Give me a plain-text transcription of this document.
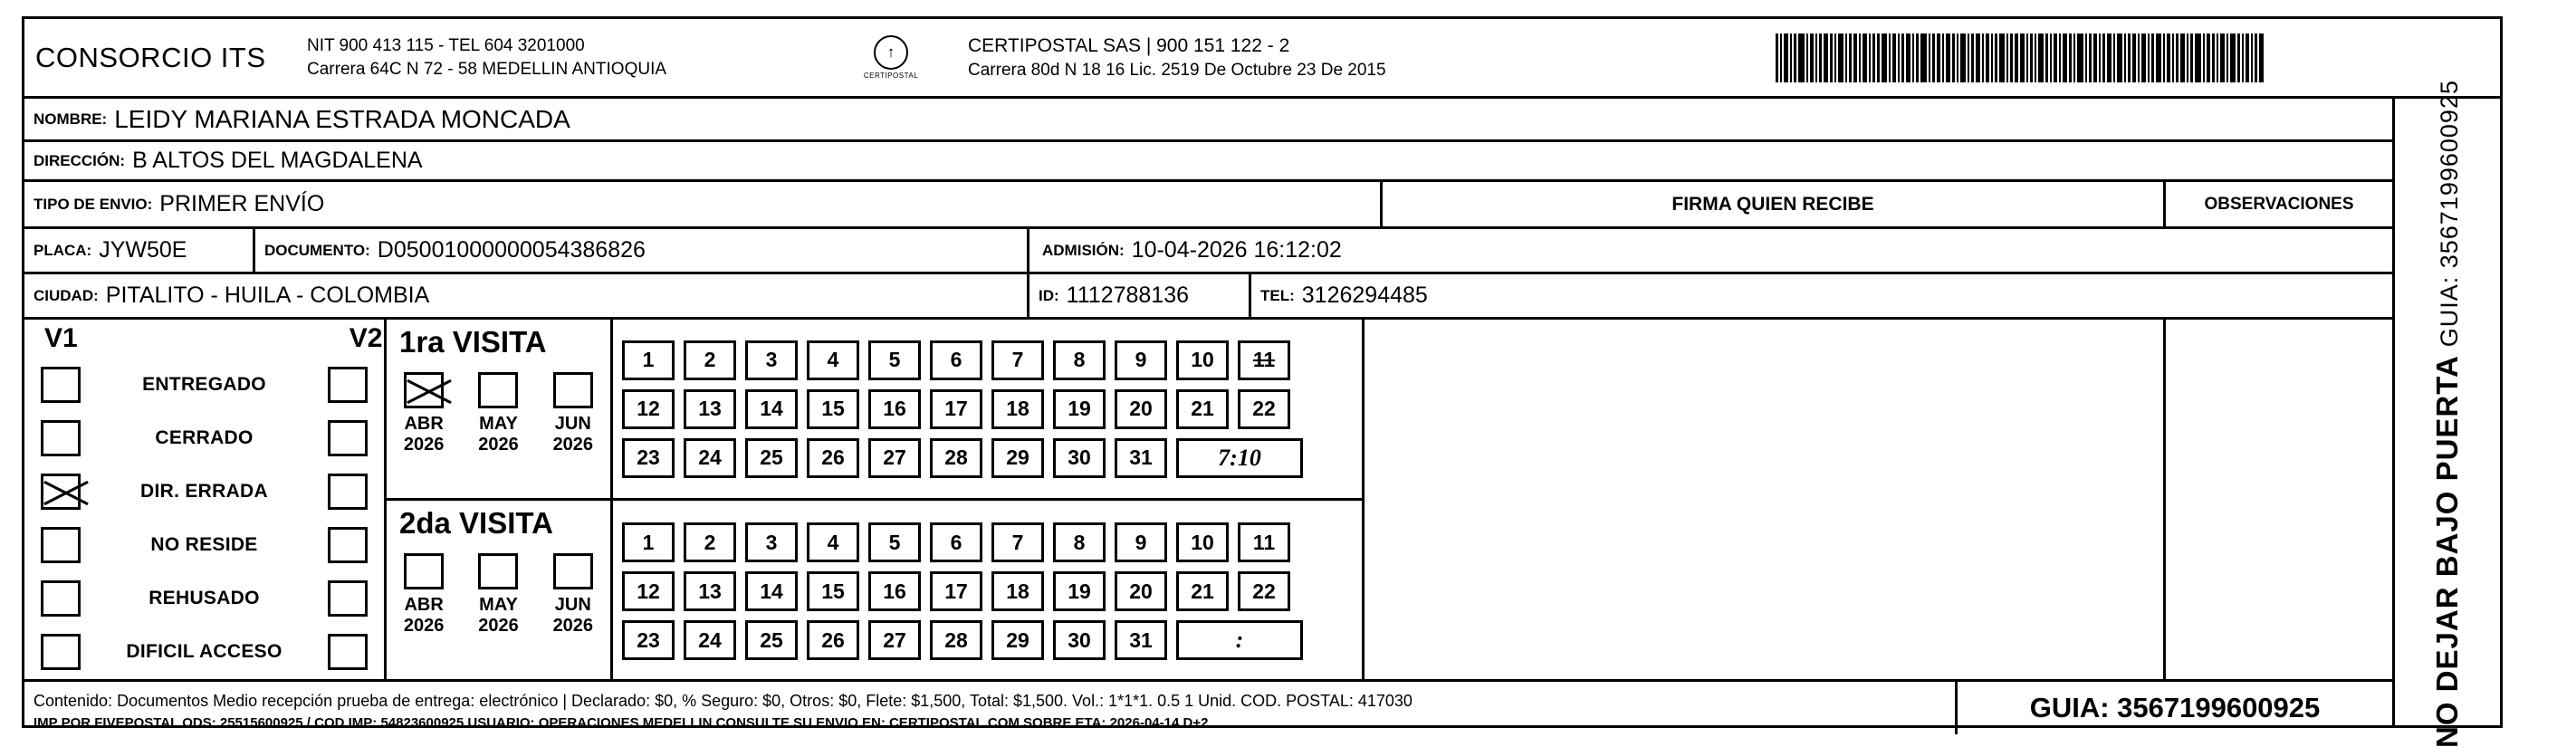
CONSORCIO ITS	NIT 900 413 115 - TEL 604 3201000
Carrera 64C N 72 - 58 MEDELLIN ANTIOQUIA
↑
CERTIPOSTAL
CERTIPOSTAL SAS | 900 151 122 - 2
Carrera 80d N 18 16 Lic. 2519 De Octubre 23 De 2015
NOMBRE: LEIDY MARIANA ESTRADA MONCADA
DIRECCIÓN: B ALTOS DEL MAGDALENA
TIPO DE ENVIO: PRIMER ENVÍO	FIRMA QUIEN RECIBE	OBSERVACIONES
PLACA: JYW50E	DOCUMENTO: D05001000000054386826	ADMISIÓN: 10-04-2026 16:12:02
CIUDAD: PITALITO - HUILA - COLOMBIA	ID: 1112788136	TEL: 3126294485
V1	V2
ENTREGADO
CERRADO
DIR. ERRADA
NO RESIDE
REHUSADO
DIFICIL ACCESO
1ra VISITA
ABR
2026
MAY
2026
JUN
2026
2da VISITA
ABR
2026
MAY
2026
JUN
2026
1	2	3	4	5	6	7	8	9	10	11
12	13	14	15	16	17	18	19	20	21	22
23	24	25	26	27	28	29	30	31	7:10
1	2	3	4	5	6	7	8	9	10	11
12	13	14	15	16	17	18	19	20	21	22
23	24	25	26	27	28	29	30	31	:
Contenido: Documentos Medio recepción prueba de entrega: electrónico | Declarado: $0, % Seguro: $0, Otros: $0, Flete: $1,500, Total: $1,500. Vol.: 1*1*1. 0.5 1 Unid. COD. POSTAL: 417030
IMP POR FIVEPOSTAL ODS: 25515600925 / COD.IMP: 54823600925 USUARIO: OPERACIONES MEDELLIN CONSULTE SU ENVIO EN: CERTIPOSTAL.COM SOBRE ETA: 2026-04-14 D+2	GUIA: 3567199600925	NO DEJAR BAJO PUERTA GUIA: 3567199600925
